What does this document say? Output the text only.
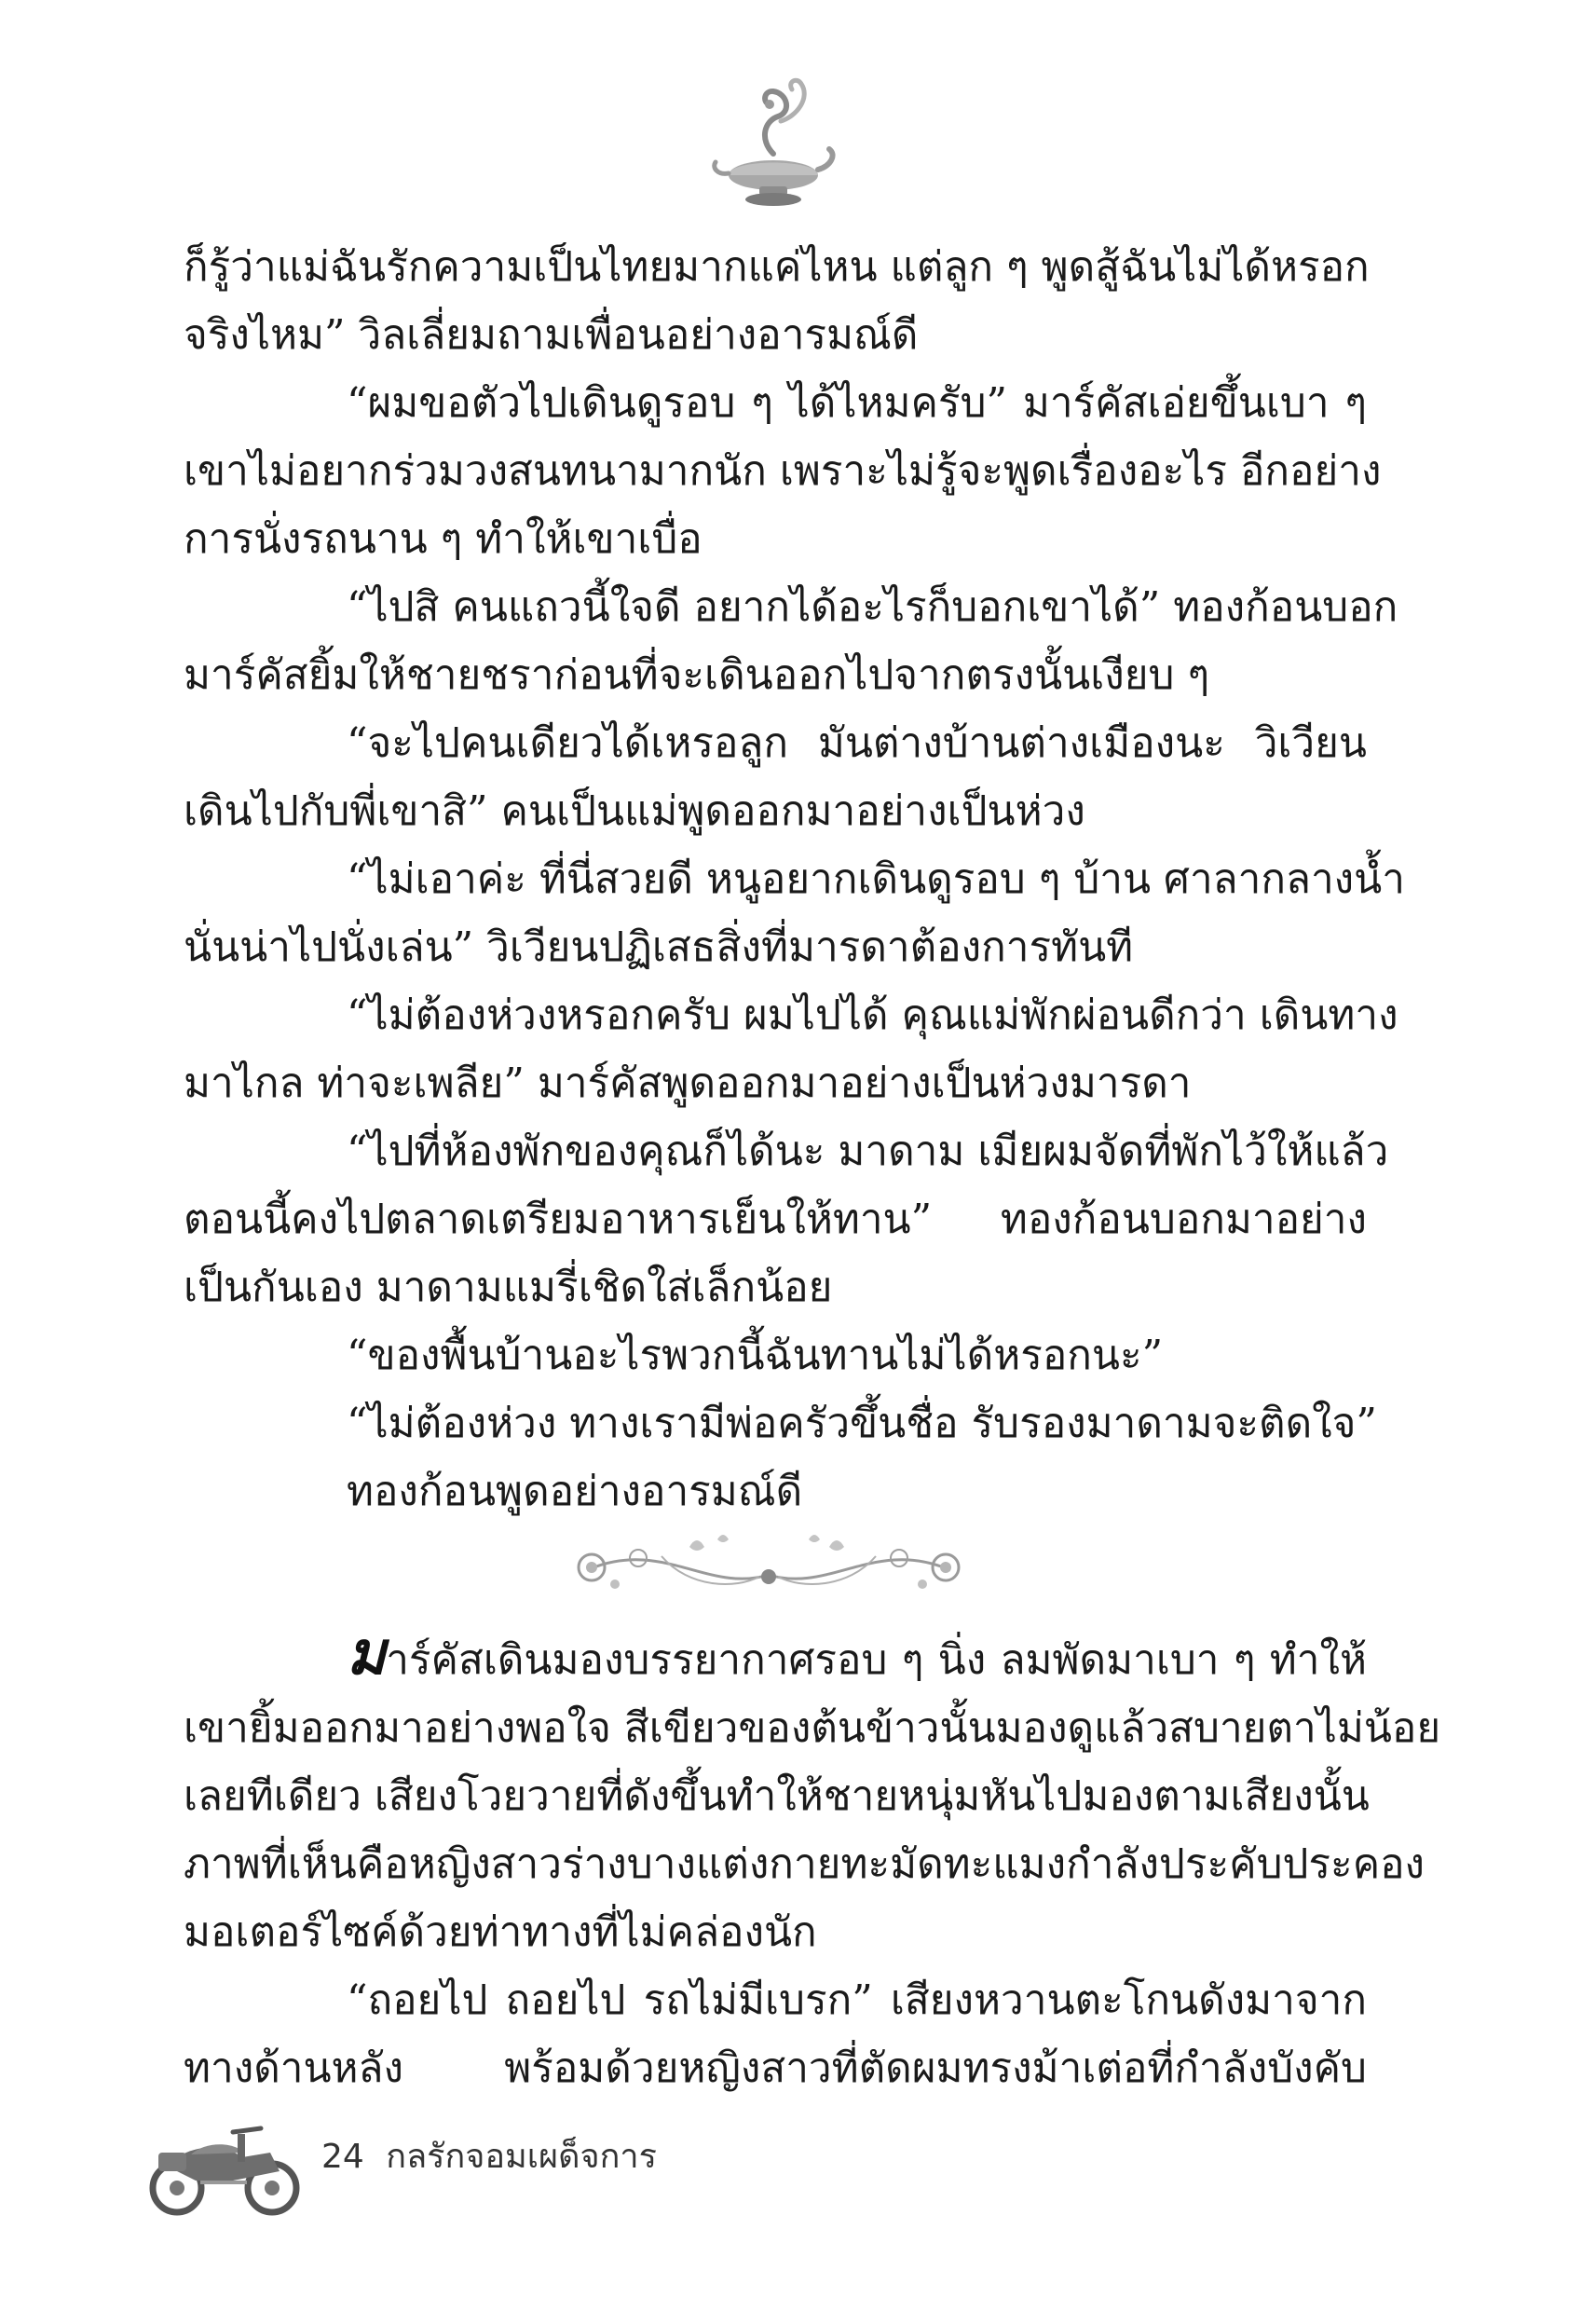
ก็รู้ว่าแม่ฉันรักความเป็นไทยมากแค่ไหน แต่ลูก ๆ พูดสู้ฉันไม่ได้หรอก
จริงไหม” วิลเลี่ยมถามเพื่อนอย่างอารมณ์ดี
“ผมขอตัวไปเดินดูรอบ ๆ ได้ไหมครับ” มาร์คัสเอ่ยขึ้นเบา ๆ
เขาไม่อยากร่วมวงสนทนามากนัก เพราะไม่รู้จะพูดเรื่องอะไร อีกอย่าง
การนั่งรถนาน ๆ ทำให้เขาเบื่อ
“ไปสิ คนแถวนี้ใจดี อยากได้อะไรก็บอกเขาได้” ทองก้อนบอก
มาร์คัสยิ้มให้ชายชราก่อนที่จะเดินออกไปจากตรงนั้นเงียบ ๆ
“จะไปคนเดียวได้เหรอลูก มันต่างบ้านต่างเมืองนะ วิเวียน
เดินไปกับพี่เขาสิ” คนเป็นแม่พูดออกมาอย่างเป็นห่วง
“ไม่เอาค่ะ ที่นี่สวยดี หนูอยากเดินดูรอบ ๆ บ้าน ศาลากลางน้ำ
นั่นน่าไปนั่งเล่น” วิเวียนปฏิเสธสิ่งที่มารดาต้องการทันที
“ไม่ต้องห่วงหรอกครับ ผมไปได้ คุณแม่พักผ่อนดีกว่า เดินทาง
มาไกล ท่าจะเพลีย” มาร์คัสพูดออกมาอย่างเป็นห่วงมารดา
“ไปที่ห้องพักของคุณก็ได้นะ มาดาม เมียผมจัดที่พักไว้ให้แล้ว
ตอนนี้คงไปตลาดเตรียมอาหารเย็นให้ทาน” ทองก้อนบอกมาอย่าง
เป็นกันเอง มาดามแมรี่เชิดใส่เล็กน้อย
“ของพื้นบ้านอะไรพวกนี้ฉันทานไม่ได้หรอกนะ”
“ไม่ต้องห่วง ทางเรามีพ่อครัวขึ้นชื่อ รับรองมาดามจะติดใจ”
ทองก้อนพูดอย่างอารมณ์ดี
มาร์คัสเดินมองบรรยากาศรอบ ๆ นิ่ง ลมพัดมาเบา ๆ ทำให้
เขายิ้มออกมาอย่างพอใจ สีเขียวของต้นข้าวนั้นมองดูแล้วสบายตาไม่น้อย
เลยทีเดียว เสียงโวยวายที่ดังขึ้นทำให้ชายหนุ่มหันไปมองตามเสียงนั้น
ภาพที่เห็นคือหญิงสาวร่างบางแต่งกายทะมัดทะแมงกำลังประคับประคอง
มอเตอร์ไซค์ด้วยท่าทางที่ไม่คล่องนัก
“ถอยไป ถอยไป รถไม่มีเบรก” เสียงหวานตะโกนดังมาจาก
ทางด้านหลัง พร้อมด้วยหญิงสาวที่ตัดผมทรงม้าเต่อที่กำลังบังคับ
24 กลรักจอมเผด็จการ
